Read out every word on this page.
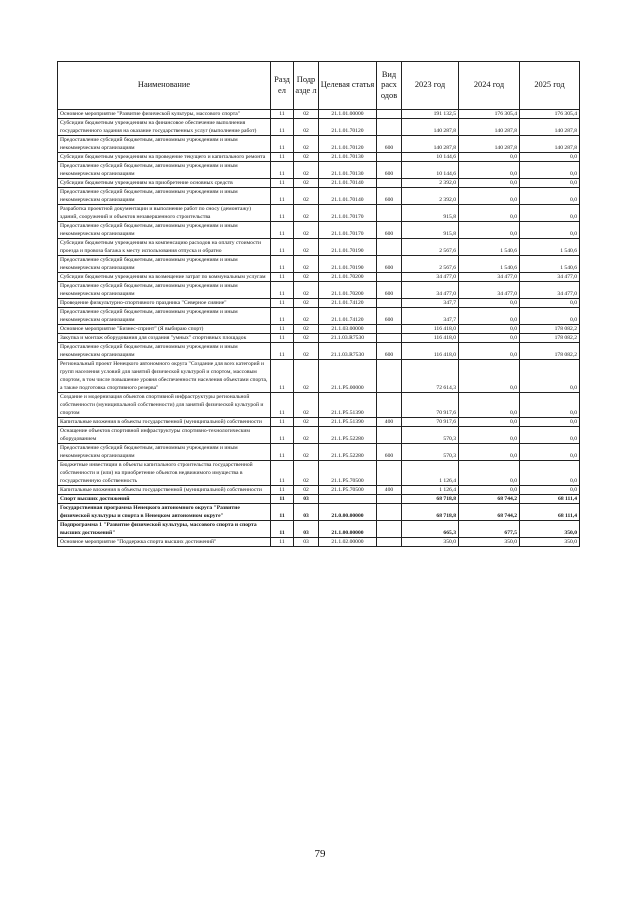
Наименование	Разд ел	Подр азде л	Целевая статья	Вид расх одов	2023 год	2024 год	2025 год
Основное мероприятие "Развитие физической культуры, массового спорта"	11	02	21.1.01.00000		191 132,5	176 305,4	176 305,4
Субсидии бюджетным учреждениям на финансовое обеспечение выполнения государственного задания на оказание государственных услуг (выполнение работ)	11	02	21.1.01.70120		140 287,8	140 287,8	140 287,8
Предоставление субсидий бюджетным, автономным учреждениям и иным некоммерческим организациям	11	02	21.1.01.70120	600	140 287,8	140 287,8	140 287,8
Субсидии бюджетным учреждениям на проведение текущего и капитального ремонта	11	02	21.1.01.70130		10 144,6	0,0	0,0
Предоставление субсидий бюджетным, автономным учреждениям и иным некоммерческим организациям	11	02	21.1.01.70130	600	10 144,6	0,0	0,0
Субсидии бюджетным учреждениям на приобретение основных средств	11	02	21.1.01.70140		2 392,0	0,0	0,0
Предоставление субсидий бюджетным, автономным учреждениям и иным некоммерческим организациям	11	02	21.1.01.70140	600	2 392,0	0,0	0,0
Разработка проектной документации и выполнение работ по сносу (демонтажу) зданий, сооружений и объектов незавершенного строительства	11	02	21.1.01.70170		915,8	0,0	0,0
Предоставление субсидий бюджетным, автономным учреждениям и иным некоммерческим организациям	11	02	21.1.01.70170	600	915,8	0,0	0,0
Субсидии бюджетным учреждениям на компенсацию расходов на оплату стоимости проезда и провоза багажа к месту использования отпуска и обратно	11	02	21.1.01.70190		2 567,6	1 540,6	1 540,6
Предоставление субсидий бюджетным, автономным учреждениям и иным некоммерческим организациям	11	02	21.1.01.70190	600	2 567,6	1 540,6	1 540,6
Субсидии бюджетным учреждениям на возмещение затрат по коммунальным услугам	11	02	21.1.01.70200		34 477,0	34 477,0	34 477,0
Предоставление субсидий бюджетным, автономным учреждениям и иным некоммерческим организациям	11	02	21.1.01.70200	600	34 477,0	34 477,0	34 477,0
Проведение физкультурно-спортивного праздника "Северное сияние"	11	02	21.1.01.74120		347,7	0,0	0,0
Предоставление субсидий бюджетным, автономным учреждениям и иным некоммерческим организациям	11	02	21.1.01.74120	600	347,7	0,0	0,0
Основное мероприятие "Бизнес-спринт" (Я выбираю спорт)	11	02	21.1.03.00000		116 418,0	0,0	178 082,2
Закупка и монтаж оборудования для создания "умных" спортивных площадок	11	02	21.1.03.R7530		116 418,0	0,0	178 082,2
Предоставление субсидий бюджетным, автономным учреждениям и иным некоммерческим организациям	11	02	21.1.03.R7530	600	116 418,0	0,0	178 082,2
Региональный проект Ненецкого автономного округа "Создание для всех категорий и групп населения условий для занятий физической культурой и спортом, массовым спортом, в том числе повышение уровня обеспеченности населения объектами спорта, а также подготовка спортивного резерва"	11	02	21.1.P5.00000		72 614,3	0,0	0,0
Создание и модернизация объектов спортивной инфраструктуры региональной собственности (муниципальной собственности) для занятий физической культурой и спортом	11	02	21.1.P5.51390		70 917,6	0,0	0,0
Капитальные вложения в объекты государственной (муниципальной) собственности	11	02	21.1.P5.51390	400	70 917,6	0,0	0,0
Оснащение объектов спортивной инфраструктуры спортивно-технологическим оборудованием	11	02	21.1.P5.52280		570,3	0,0	0,0
Предоставление субсидий бюджетным, автономным учреждениям и иным некоммерческим организациям	11	02	21.1.P5.52280	600	570,3	0,0	0,0
Бюджетные инвестиции в объекты капитального строительства государственной собственности и (или) на приобретение объектов недвижимого имущества в государственную собственность	11	02	21.1.P5.70500		1 126,4	0,0	0,0
Капитальные вложения в объекты государственной (муниципальной) собственности	11	02	21.1.P5.70500	400	1 126,4	0,0	0,0
Спорт высших достижений	11	03			68 718,8	68 744,2	68 111,4
Государственная программа Ненецкого автономного округа "Развитие физической культуры и спорта в Ненецком автономном округе"	11	03	21.0.00.00000		68 718,8	68 744,2	68 111,4
Подпрограмма 1 "Развитие физической культуры, массового спорта и спорта высших достижений"	11	03	21.1.00.00000		665,3	677,5	350,0
Основное мероприятие "Поддержка спорта высших достижений"	11	03	21.1.02.00000		350,0	350,0	350,0
79
